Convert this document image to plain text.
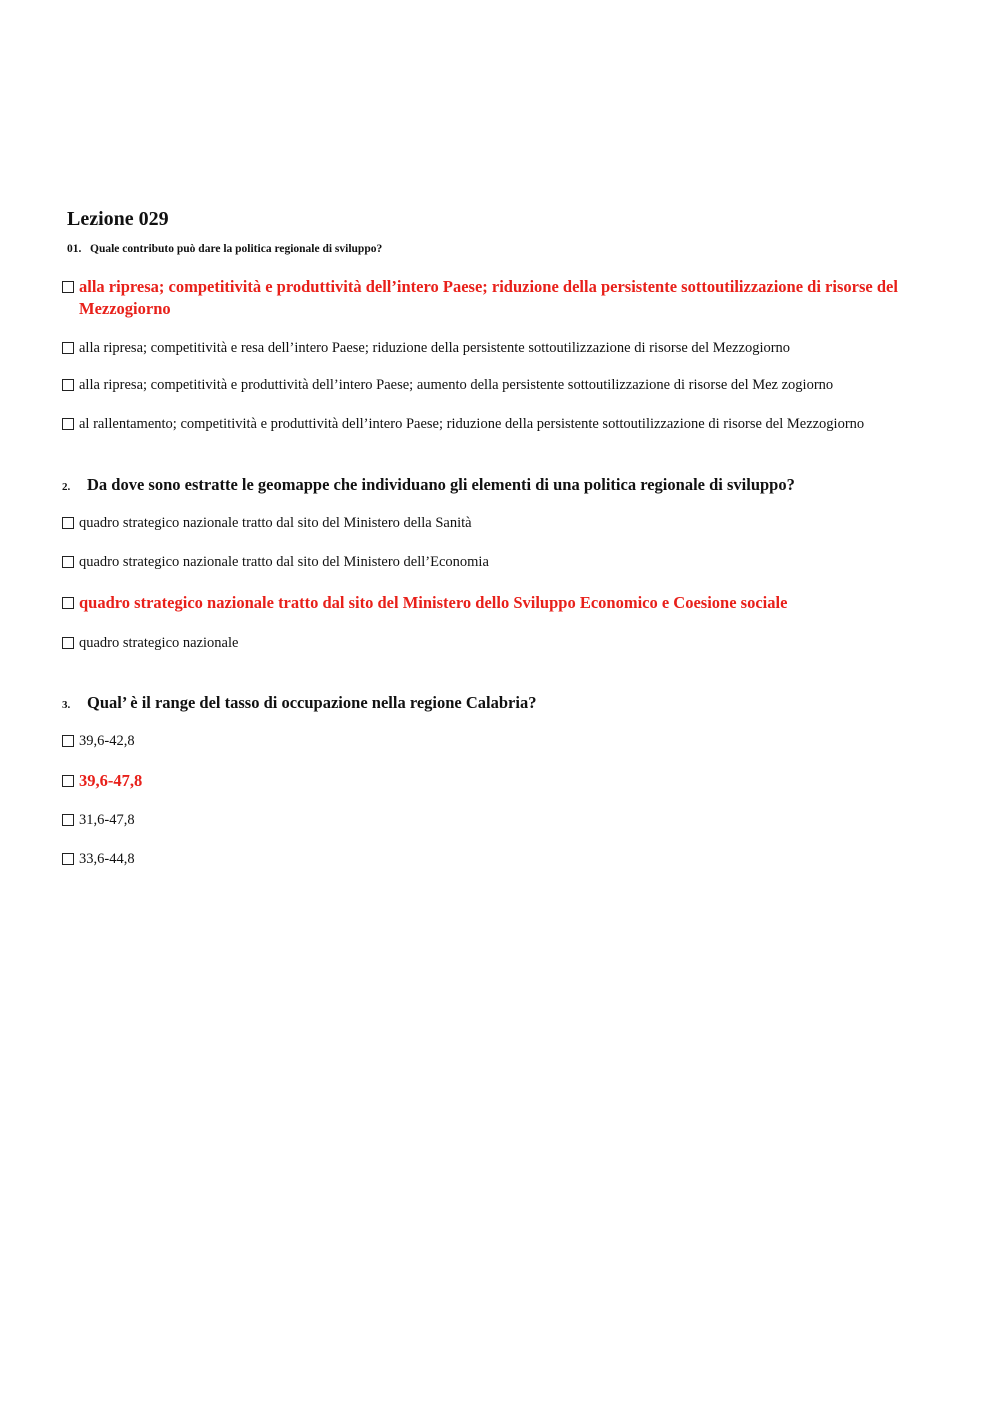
Lezione 029

01. Quale contributo può dare la politica regionale di sviluppo?

alla ripresa; competitività e produttività dell’intero Paese; riduzione della persistente sottoutilizzazione di risorse del Mezzogiorno
alla ripresa; competitività e resa dell’intero Paese; riduzione della persistente sottoutilizzazione di risorse del Mezzogiorno
alla ripresa; competitività e produttività dell’intero Paese; aumento della persistente sottoutilizzazione di risorse del Mez zogiorno
al rallentamento; competitività e produttività dell’intero Paese; riduzione della persistente sottoutilizzazione di risorse del Mezzogiorno

2. Da dove sono estratte le geomappe che individuano gli elementi di una politica regionale di sviluppo?

quadro strategico nazionale tratto dal sito del Ministero della Sanità
quadro strategico nazionale tratto dal sito del Ministero dell’Economia
quadro strategico nazionale tratto dal sito del Ministero dello Sviluppo Economico e Coesione sociale
quadro strategico nazionale

3. Qual’ è il range del tasso di occupazione nella regione Calabria?

39,6-42,8
39,6-47,8
31,6-47,8
33,6-44,8
